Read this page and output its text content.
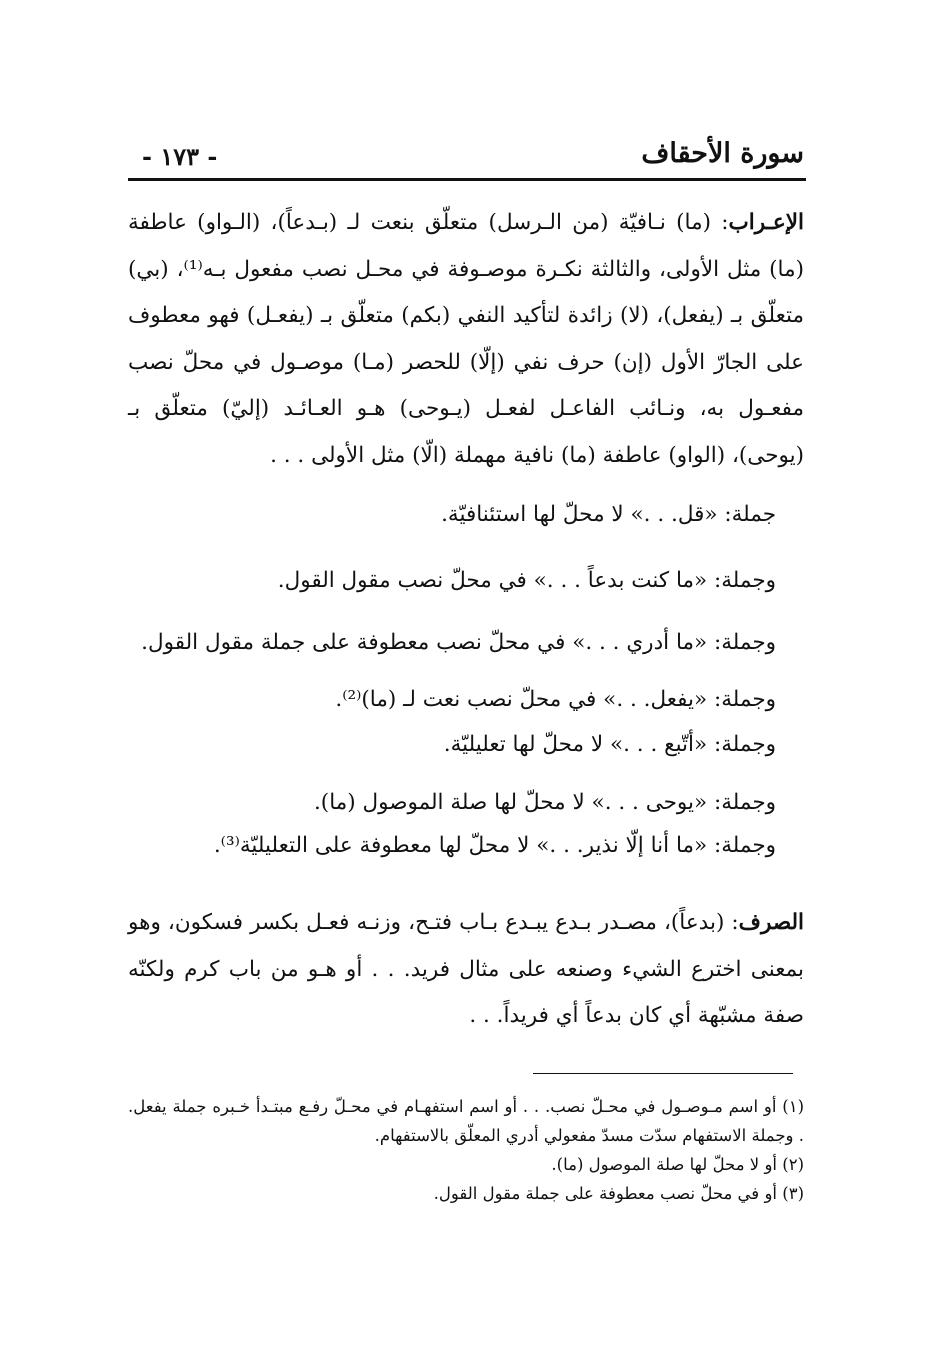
سورة الأحقاف
- ١٧٣ -
الإعـراب: (ما) نـافيّة (من الـرسل) متعلّق بنعت لـ (بـدعاً)، (الـواو) عاطفة (ما) مثل الأولى، والثالثة نكـرة موصـوفة في محـل نصب مفعول بـه⁽¹⁾، (بي) متعلّق بـ (يفعل)، (لا) زائدة لتأكيد النفي (بكم) متعلّق بـ (يفعـل) فهو معطوف على الجارّ الأول (إن) حرف نفي (إلّا) للحصر (مـا) موصـول في محلّ نصب مفعـول به، ونـائب الفاعـل لفعـل (يـوحى) هـو العـائـد (إليّ) متعلّق بـ (يوحى)، (الواو) عاطفة (ما) نافية مهملة (الّا) مثل الأولى . . .
جملة: «قل. . .» لا محلّ لها استئنافيّة.
وجملة: «ما كنت بدعاً . . .» في محلّ نصب مقول القول.
وجملة: «ما أدري . . .» في محلّ نصب معطوفة على جملة مقول القول.
وجملة: «يفعل. . .» في محلّ نصب نعت لـ (ما)⁽²⁾.
وجملة: «أتّبع . . .» لا محلّ لها تعليليّة.
وجملة: «يوحى . . .» لا محلّ لها صلة الموصول (ما).
وجملة: «ما أنا إلّا نذير. . .» لا محلّ لها معطوفة على التعليليّة⁽³⁾.
الصرف: (بدعاً)، مصـدر بـدع يبـدع بـاب فتـح، وزنـه فعـل بكسر فسكون، وهو بمعنى اخترع الشيء وصنعه على مثال فريد. . . أو هـو من باب كرم ولكنّه صفة مشبّهة أي كان بدعاً أي فريداً. . .
(١) أو اسم مـوصـول في محـلّ نصب. . . أو اسم استفهـام في محـلّ رفـع مبتـدأ خـبره جملة يفعل. . وجملة الاستفهام سدّت مسدّ مفعولي أدري المعلّق بالاستفهام.
(٢) أو لا محلّ لها صلة الموصول (ما).
(٣) أو في محلّ نصب معطوفة على جملة مقول القول.
